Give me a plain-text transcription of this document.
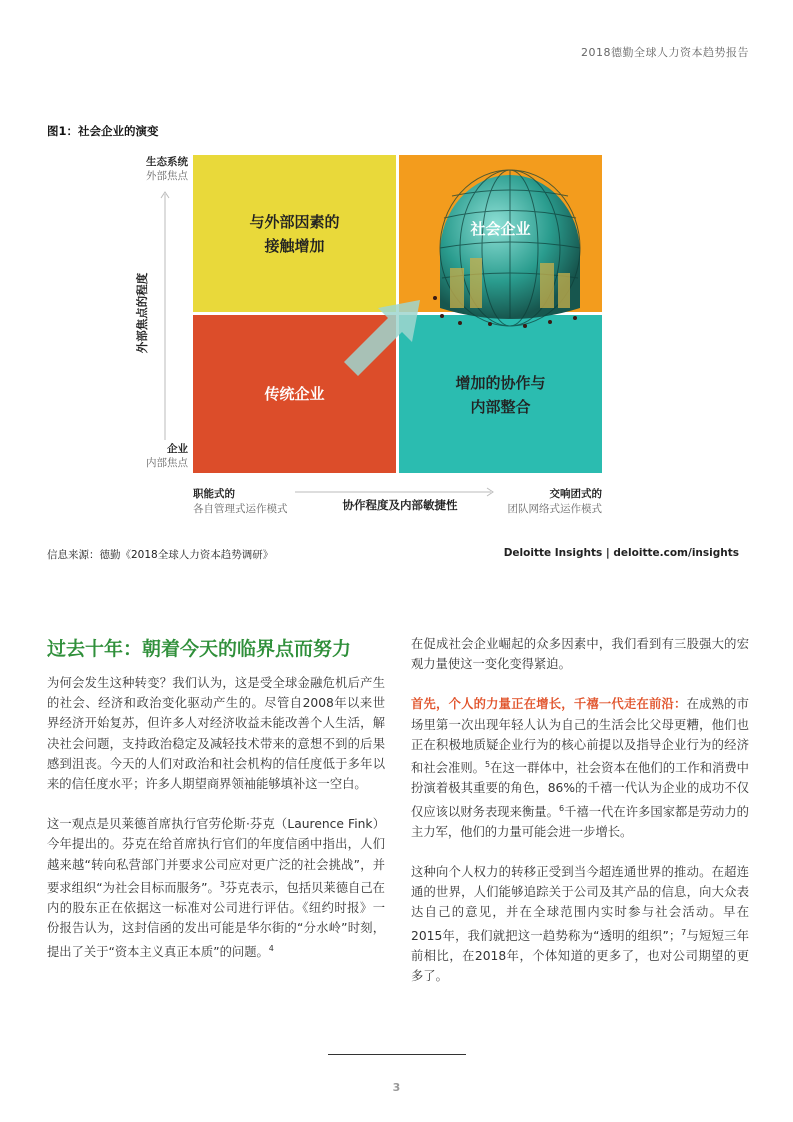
2018德勤全球人力资本趋势报告
图1：社会企业的演变
与外部因素的
接触增加
社会企业
传统企业
增加的协作与
内部整合
生态系统
外部焦点
外部焦点的程度
企业
内部焦点
职能式的
各自管理式运作模式	协作程度及内部敏捷性
交响团式的
团队网络式运作模式
信息来源：德勤《2018全球人力资本趋势调研》	Deloitte Insights | deloitte.com/insights
过去十年：朝着今天的临界点而努力

为何会发生这种转变？我们认为，这是受全球金融危机后产生的社会、经济和政治变化驱动产生的。尽管自2008年以来世界经济开始复苏，但许多人对经济收益未能改善个人生活，解决社会问题，支持政治稳定及减轻技术带来的意想不到的后果感到沮丧。今天的人们对政治和社会机构的信任度低于多年以来的信任度水平；许多人期望商界领袖能够填补这一空白。

这一观点是贝莱德首席执行官劳伦斯·芬克（Laurence Fink）今年提出的。芬克在给首席执行官们的年度信函中指出，人们越来越“转向私营部门并要求公司应对更广泛的社会挑战”，并要求组织“为社会目标而服务”。$^3$芬克表示，包括贝莱德自己在内的股东正在依据这一标准对公司进行评估。《纽约时报》一份报告认为，这封信函的发出可能是华尔街的“分水岭”时刻，提出了关于“资本主义真正本质”的问题。$^4$

在促成社会企业崛起的众多因素中，我们看到有三股强大的宏观力量使这一变化变得紧迫。

首先，个人的力量正在增长，千禧一代走在前沿：在成熟的市场里第一次出现年轻人认为自己的生活会比父母更糟，他们也正在积极地质疑企业行为的核心前提以及指导企业行为的经济和社会准则。$^5$在这一群体中，社会资本在他们的工作和消费中扮演着极其重要的角色，86%的千禧一代认为企业的成功不仅仅应该以财务表现来衡量。$^6$千禧一代在许多国家都是劳动力的主力军，他们的力量可能会进一步增长。

这种向个人权力的转移正受到当今超连通世界的推动。在超连通的世界，人们能够追踪关于公司及其产品的信息，向大众表达自己的意见，并在全球范围内实时参与社会活动。早在2015年，我们就把这一趋势称为“透明的组织”；$^7$与短短三年前相比，在2018年，个体知道的更多了，也对公司期望的更多了。

3
